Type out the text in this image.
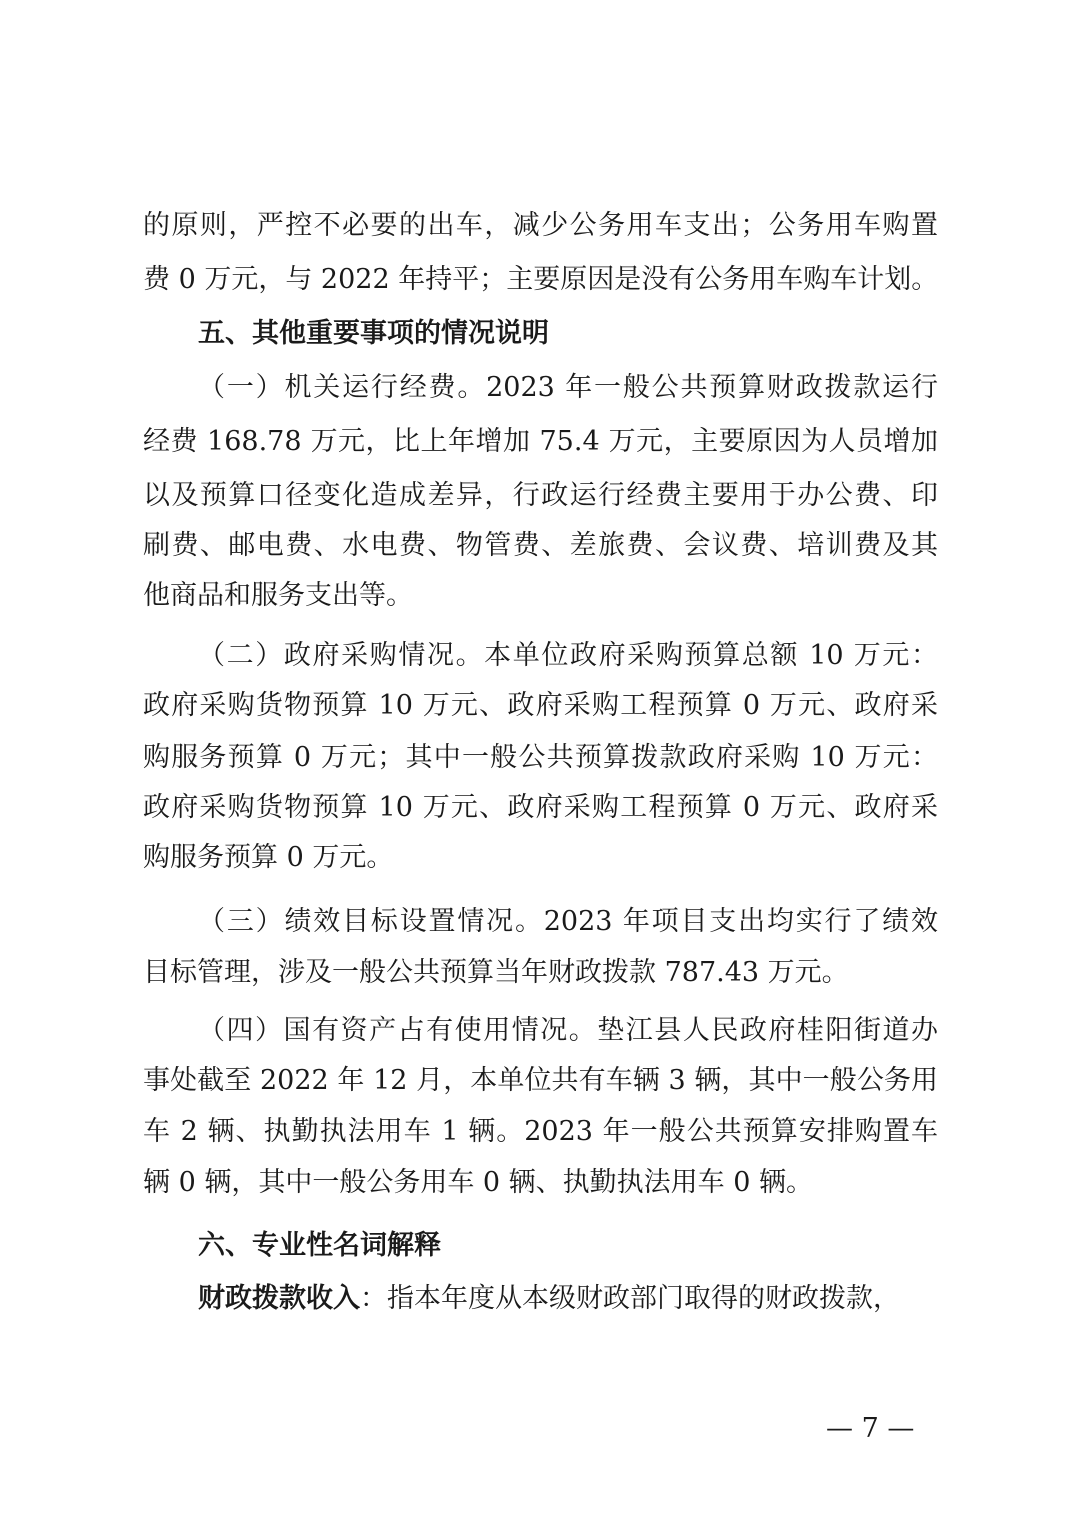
的原则，严控不必要的出车，减少公务用车支出；公务用车购置
费 0 万元，与 2022 年持平；主要原因是没有公务用车购车计划。
五、其他重要事项的情况说明
（一）机关运行经费。2023 年一般公共预算财政拨款运行
经费 168.78 万元，比上年增加 75.4 万元，主要原因为人员增加
以及预算口径变化造成差异，行政运行经费主要用于办公费、印
刷费、邮电费、水电费、物管费、差旅费、会议费、培训费及其
他商品和服务支出等。
（二）政府采购情况。本单位政府采购预算总额 10 万元：
政府采购货物预算 10 万元、政府采购工程预算 0 万元、政府采
购服务预算 0 万元；其中一般公共预算拨款政府采购 10 万元：
政府采购货物预算 10 万元、政府采购工程预算 0 万元、政府采
购服务预算 0 万元。
（三）绩效目标设置情况。2023 年项目支出均实行了绩效
目标管理，涉及一般公共预算当年财政拨款 787.43 万元。
（四）国有资产占有使用情况。垫江县人民政府桂阳街道办
事处截至 2022 年 12 月，本单位共有车辆 3 辆，其中一般公务用
车 2 辆、执勤执法用车 1 辆。2023 年一般公共预算安排购置车
辆 0 辆，其中一般公务用车 0 辆、执勤执法用车 0 辆。
六、专业性名词解释
财政拨款收入：指本年度从本级财政部门取得的财政拨款，
— 7 —
